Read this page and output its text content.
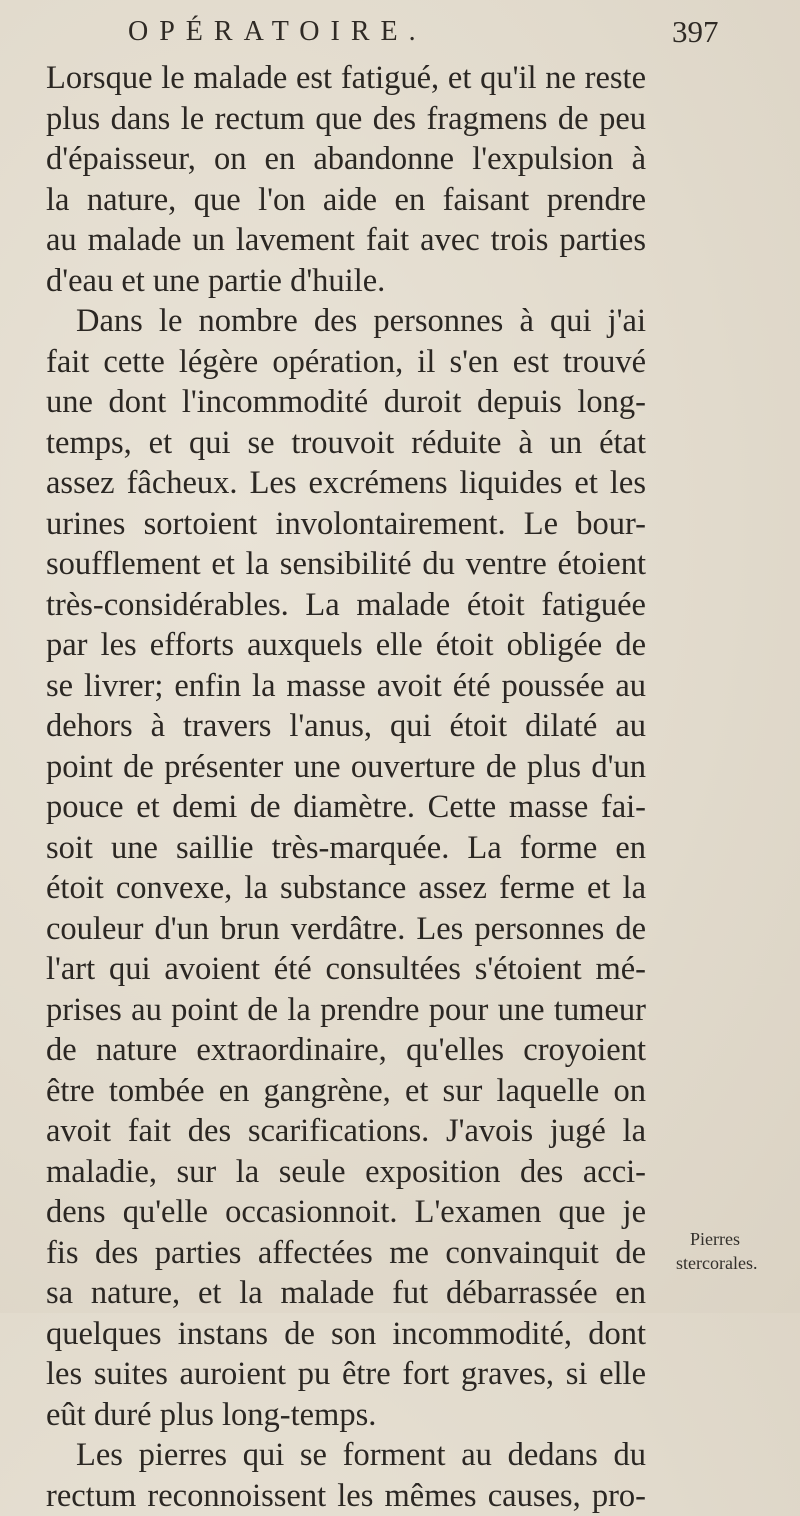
OPÉRATOIRE.	397
Lorsque le malade est fatigué, et qu'il ne reste
plus dans le rectum que des fragmens de peu
d'épaisseur, on en abandonne l'expulsion à
la nature, que l'on aide en faisant prendre
au malade un lavement fait avec trois parties
d'eau et une partie d'huile.
Dans le nombre des personnes à qui j'ai
fait cette légère opération, il s'en est trouvé
une dont l'incommodité duroit depuis long-
temps, et qui se trouvoit réduite à un état
assez fâcheux. Les excrémens liquides et les
urines sortoient involontairement. Le bour-
soufflement et la sensibilité du ventre étoient
très-considérables. La malade étoit fatiguée
par les efforts auxquels elle étoit obligée de
se livrer; enfin la masse avoit été poussée au
dehors à travers l'anus, qui étoit dilaté au
point de présenter une ouverture de plus d'un
pouce et demi de diamètre. Cette masse fai-
soit une saillie très-marquée. La forme en
étoit convexe, la substance assez ferme et la
couleur d'un brun verdâtre. Les personnes de
l'art qui avoient été consultées s'étoient mé-
prises au point de la prendre pour une tumeur
de nature extraordinaire, qu'elles croyoient
être tombée en gangrène, et sur laquelle on
avoit fait des scarifications. J'avois jugé la
maladie, sur la seule exposition des acci-
dens qu'elle occasionnoit. L'examen que je
fis des parties affectées me convainquit de
sa nature, et la malade fut débarrassée en
quelques instans de son incommodité, dont
les suites auroient pu être fort graves, si elle
eût duré plus long-temps.
Les pierres qui se forment au dedans du
rectum reconnoissent les mêmes causes, pro-
Pierres
stercorales.
